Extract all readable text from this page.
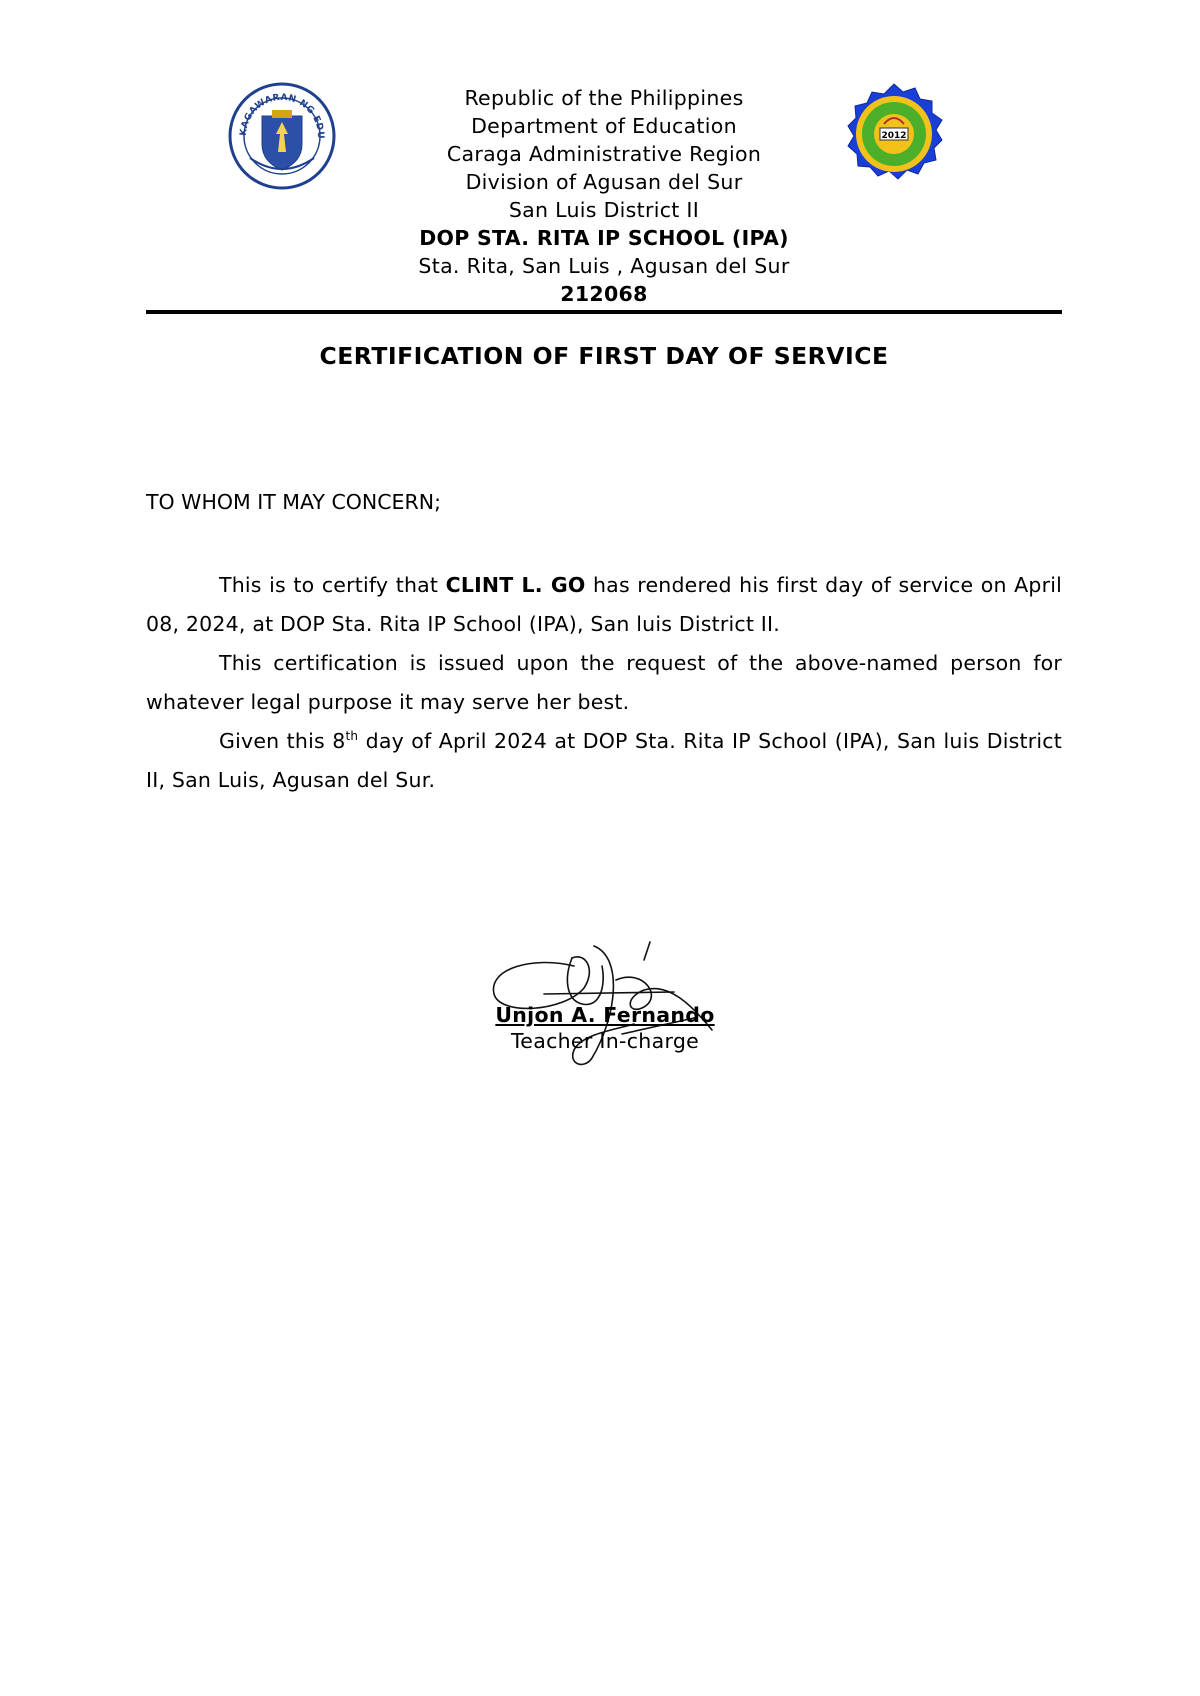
KAGAWARAN NG EDU	2012
Republic of the Philippines
Department of Education
Caraga Administrative Region
Division of Agusan del Sur
San Luis District II
DOP STA. RITA IP SCHOOL (IPA)
Sta. Rita, San Luis , Agusan del Sur
212068
CERTIFICATION OF FIRST DAY OF SERVICE
TO WHOM IT MAY CONCERN;

This is to certify that CLINT L. GO has rendered his first day of service on April 08, 2024, at DOP Sta. Rita IP School (IPA), San luis District II.

This certification is issued upon the request of the above-named person for whatever legal purpose it may serve her best.

Given this 8th day of April 2024 at DOP Sta. Rita IP School (IPA), San luis District II, San Luis, Agusan del Sur.

Unjon A. Fernando
Teacher In-charge
